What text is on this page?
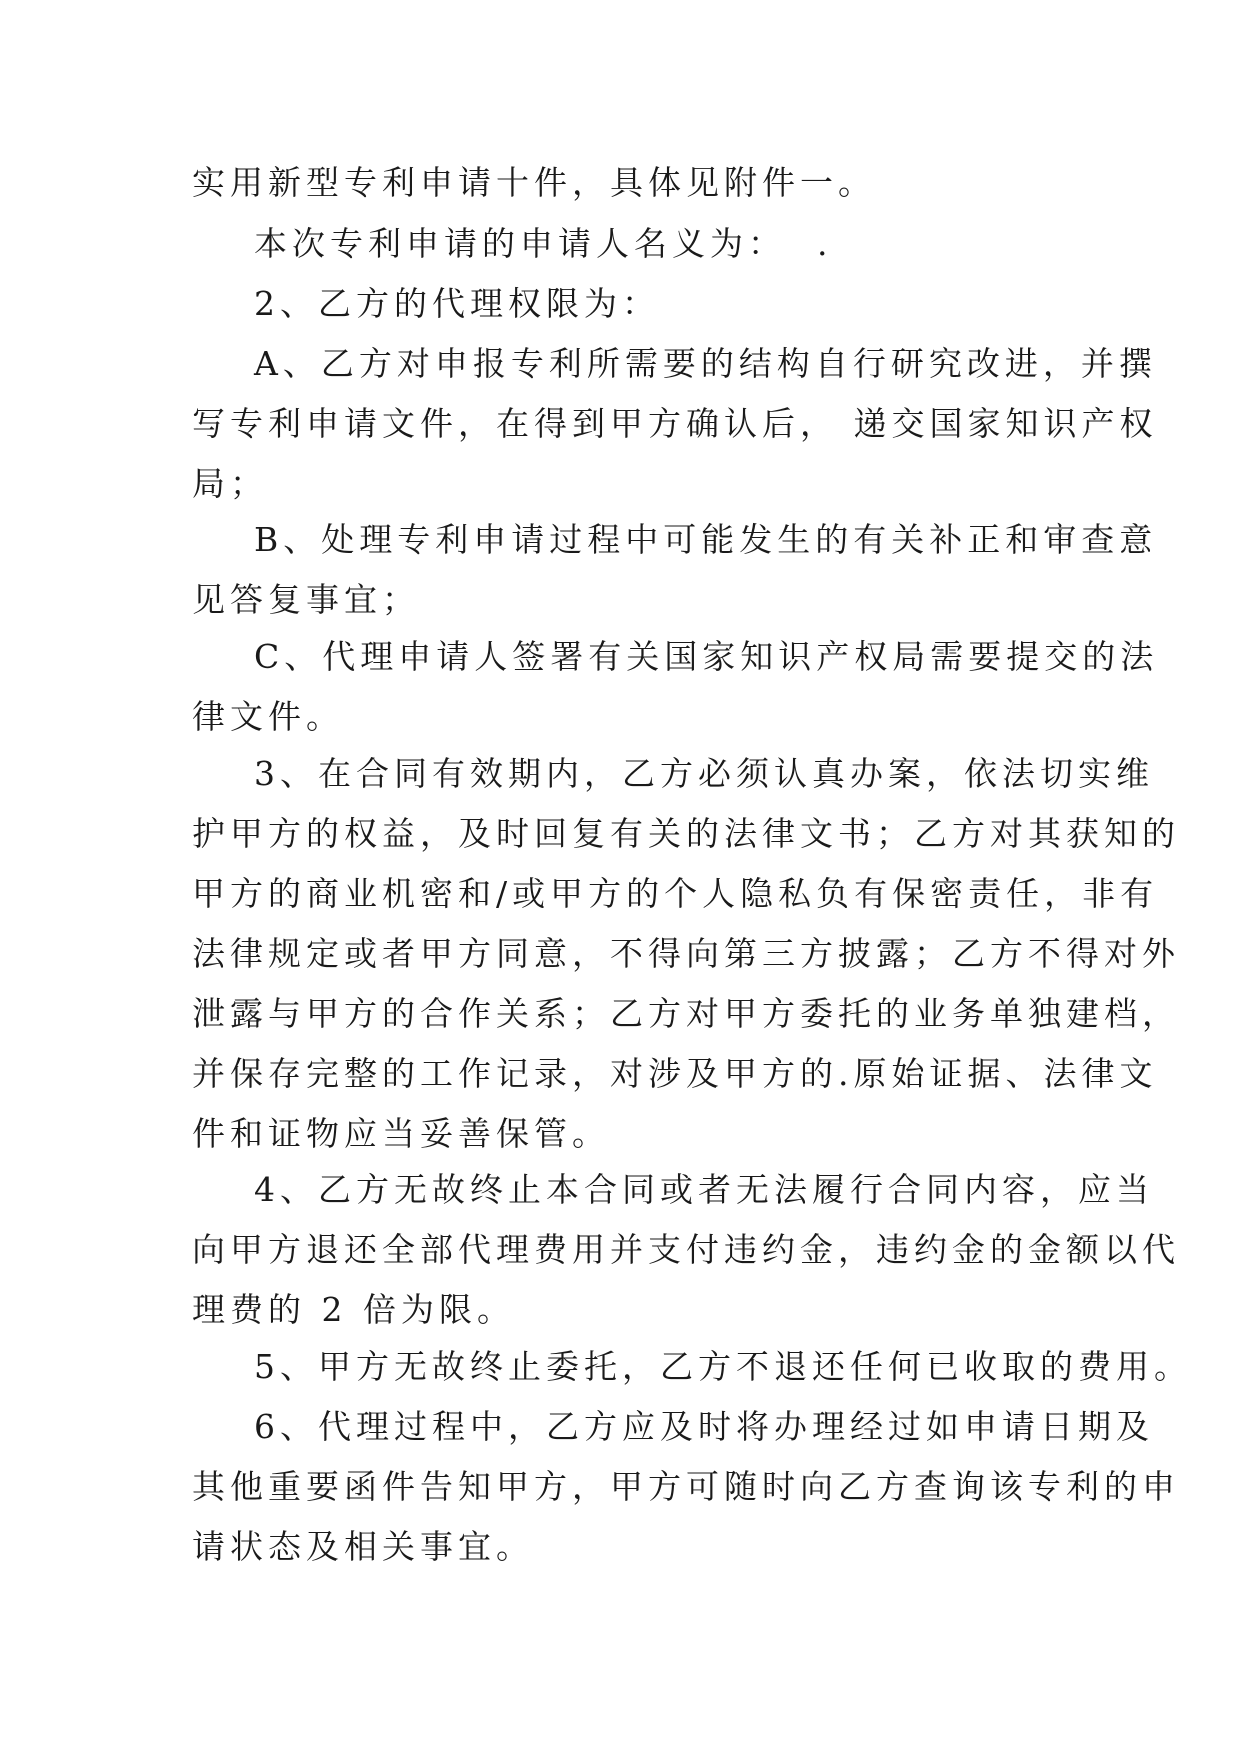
实用新型专利申请十件，具体见附件一。
本次专利申请的申请人名义为：  .
2、乙方的代理权限为：
A、乙方对申报专利所需要的结构自行研究改进，并撰
写专利申请文件，在得到甲方确认后， 递交国家知识产权
局；
B、处理专利申请过程中可能发生的有关补正和审查意
见答复事宜；
C、代理申请人签署有关国家知识产权局需要提交的法
律文件。
3、在合同有效期内，乙方必须认真办案，依法切实维
护甲方的权益，及时回复有关的法律文书；乙方对其获知的
甲方的商业机密和/或甲方的个人隐私负有保密责任，非有
法律规定或者甲方同意，不得向第三方披露；乙方不得对外
泄露与甲方的合作关系；乙方对甲方委托的业务单独建档，
并保存完整的工作记录，对涉及甲方的.原始证据、法律文
件和证物应当妥善保管。
4、乙方无故终止本合同或者无法履行合同内容，应当
向甲方退还全部代理费用并支付违约金，违约金的金额以代
理费的 2 倍为限。
5、甲方无故终止委托，乙方不退还任何已收取的费用。
6、代理过程中，乙方应及时将办理经过如申请日期及
其他重要函件告知甲方，甲方可随时向乙方查询该专利的申
请状态及相关事宜。
